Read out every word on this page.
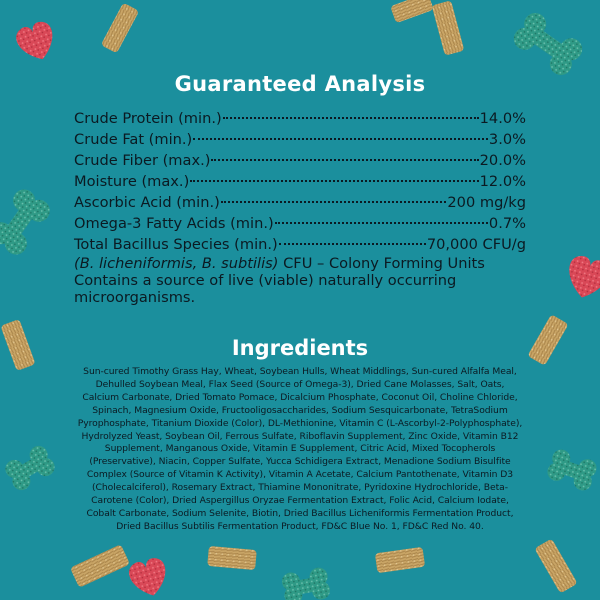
Guaranteed Analysis
Crude Protein (min.)	14.0%
Crude Fat (min.)	3.0%
Crude Fiber (max.)	20.0%
Moisture (max.)	12.0%
Ascorbic Acid (min.)	200 mg/kg
Omega-3 Fatty Acids (min.)	0.7%
Total Bacillus Species (min.)	70,000 CFU/g
(B. licheniformis, B. subtilis) CFU – Colony Forming Units
Contains a source of live (viable) naturally occurring microorganisms.
Ingredients
Sun-cured Timothy Grass Hay, Wheat, Soybean Hulls, Wheat Middlings, Sun-cured Alfalfa Meal, Dehulled Soybean Meal, Flax Seed (Source of Omega-3), Dried Cane Molasses, Salt, Oats, Calcium Carbonate, Dried Tomato Pomace, Dicalcium Phosphate, Coconut Oil, Choline Chloride, Spinach, Magnesium Oxide, Fructooligosaccharides, Sodium Sesquicarbonate, TetraSodium Pyrophosphate, Titanium Dioxide (Color), DL-Methionine, Vitamin C (L-Ascorbyl-2-Polyphosphate), Hydrolyzed Yeast, Soybean Oil, Ferrous Sulfate, Riboflavin Supplement, Zinc Oxide, Vitamin B12 Supplement, Manganous Oxide, Vitamin E Supplement, Citric Acid, Mixed Tocopherols (Preservative), Niacin, Copper Sulfate, Yucca Schidigera Extract, Menadione Sodium Bisulfite Complex (Source of Vitamin K Activity), Vitamin A Acetate, Calcium Pantothenate, Vitamin D3 (Cholecalciferol), Rosemary Extract, Thiamine Mononitrate, Pyridoxine Hydrochloride, Beta-Carotene (Color), Dried Aspergillus Oryzae Fermentation Extract, Folic Acid, Calcium Iodate, Cobalt Carbonate, Sodium Selenite, Biotin, Dried Bacillus Licheniformis Fermentation Product, Dried Bacillus Subtilis Fermentation Product, FD&C Blue No. 1, FD&C Red No. 40.
